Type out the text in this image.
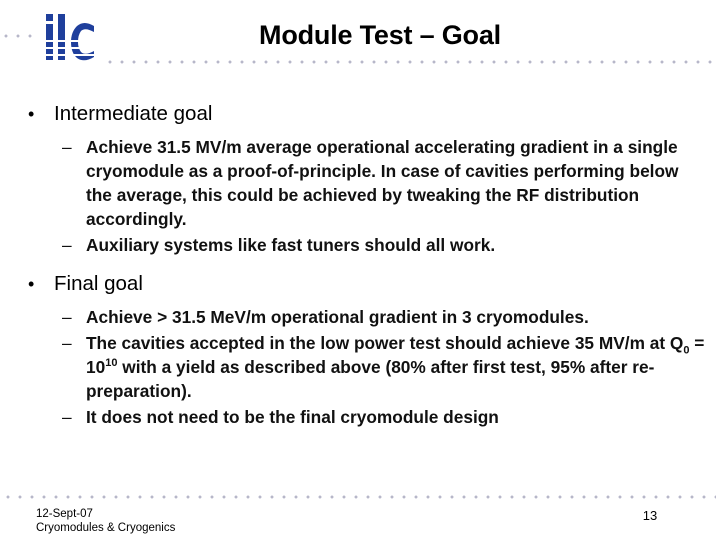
Module Test – Goal
• Intermediate goal
– Achieve 31.5 MV/m average operational accelerating gradient in a single cryomodule as a proof-of-principle. In case of cavities performing below the average, this could be achieved by tweaking the RF distribution accordingly.
– Auxiliary systems like fast tuners should all work.
• Final goal
– Achieve > 31.5 MeV/m operational gradient in 3 cryomodules.
– The cavities accepted in the low power test should achieve 35 MV/m at $Q_0 = 10^{10}$ with a yield as described above (80% after first test, 95% after re-preparation).
– It does not need to be the final cryomodule design
12-Sept-07
Cryomodules & Cryogenics
13
